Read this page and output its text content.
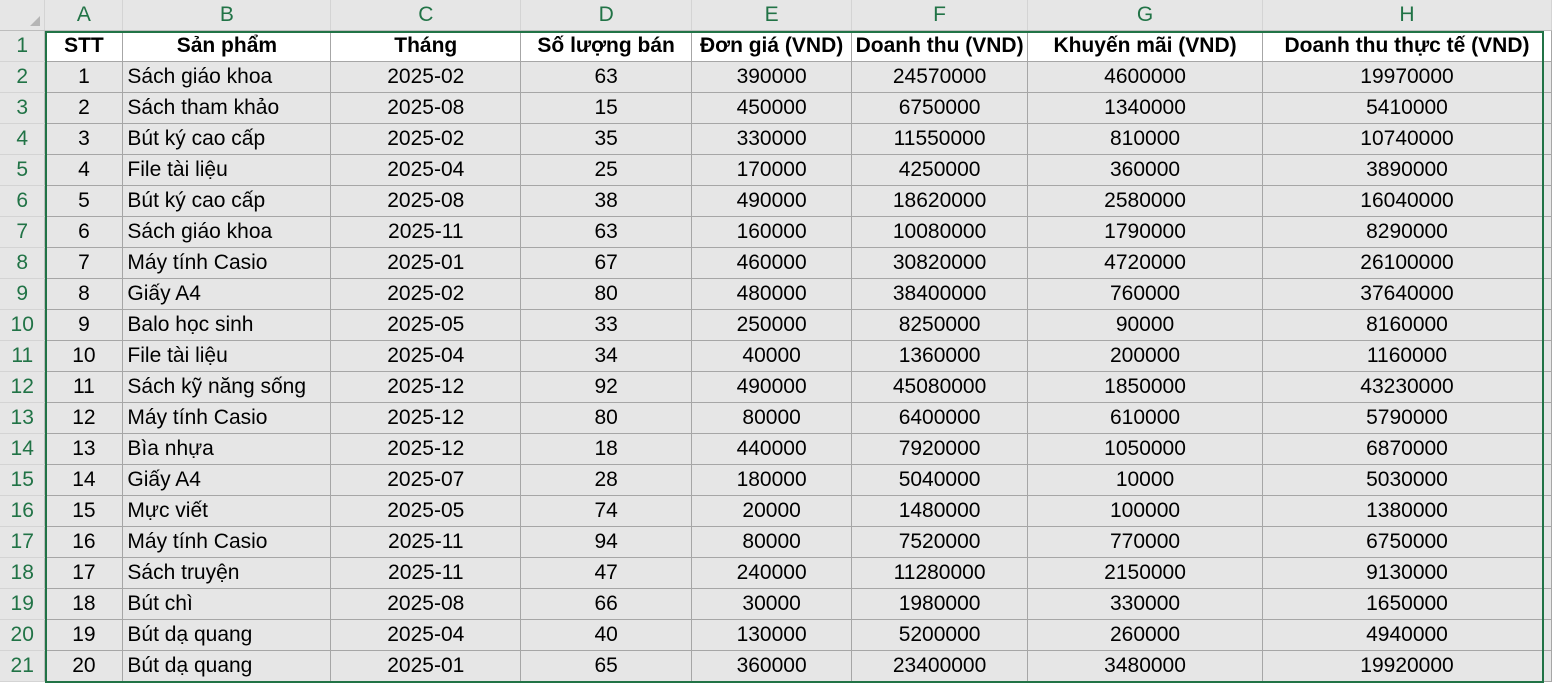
	A	B	C	D	E	F	G	H
1	STT	Sản phẩm	Tháng	Số lượng bán	Đơn giá (VND)	Doanh thu (VND)	Khuyến mãi (VND)	Doanh thu thực tế (VND)
2	1	Sách giáo khoa	2025-02	63	390000	24570000	4600000	19970000
3	2	Sách tham khảo	2025-08	15	450000	6750000	1340000	5410000
4	3	Bút ký cao cấp	2025-02	35	330000	11550000	810000	10740000
5	4	File tài liệu	2025-04	25	170000	4250000	360000	3890000
6	5	Bút ký cao cấp	2025-08	38	490000	18620000	2580000	16040000
7	6	Sách giáo khoa	2025-11	63	160000	10080000	1790000	8290000
8	7	Máy tính Casio	2025-01	67	460000	30820000	4720000	26100000
9	8	Giấy A4	2025-02	80	480000	38400000	760000	37640000
10	9	Balo học sinh	2025-05	33	250000	8250000	90000	8160000
11	10	File tài liệu	2025-04	34	40000	1360000	200000	1160000
12	11	Sách kỹ năng sống	2025-12	92	490000	45080000	1850000	43230000
13	12	Máy tính Casio	2025-12	80	80000	6400000	610000	5790000
14	13	Bìa nhựa	2025-12	18	440000	7920000	1050000	6870000
15	14	Giấy A4	2025-07	28	180000	5040000	10000	5030000
16	15	Mực viết	2025-05	74	20000	1480000	100000	1380000
17	16	Máy tính Casio	2025-11	94	80000	7520000	770000	6750000
18	17	Sách truyện	2025-11	47	240000	11280000	2150000	9130000
19	18	Bút chì	2025-08	66	30000	1980000	330000	1650000
20	19	Bút dạ quang	2025-04	40	130000	5200000	260000	4940000
21	20	Bút dạ quang	2025-01	65	360000	23400000	3480000	19920000
